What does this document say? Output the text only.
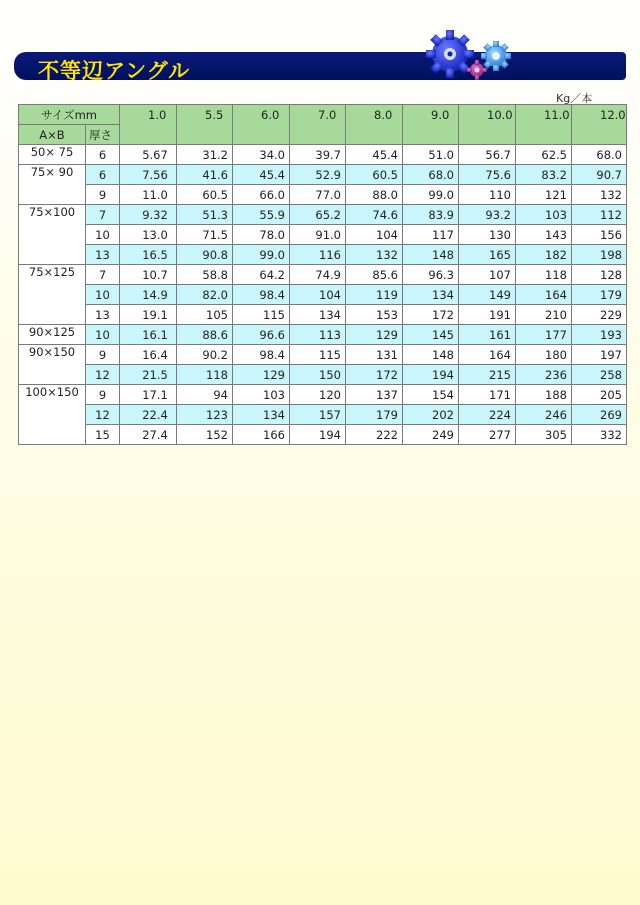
不等辺アングル
Kg／本
サイズmm		1.0	5.5	6.0	7.0	8.0	9.0	10.0	11.0	12.0
A×B	厚さ									
50× 75	6	5.67	31.2	34.0	39.7	45.4	51.0	56.7	62.5	68.0
75× 90	6	7.56	41.6	45.4	52.9	60.5	68.0	75.6	83.2	90.7
	9	11.0	60.5	66.0	77.0	88.0	99.0	110	121	132
75×100	7	9.32	51.3	55.9	65.2	74.6	83.9	93.2	103	112
	10	13.0	71.5	78.0	91.0	104	117	130	143	156
	13	16.5	90.8	99.0	116	132	148	165	182	198
75×125	7	10.7	58.8	64.2	74.9	85.6	96.3	107	118	128
	10	14.9	82.0	98.4	104	119	134	149	164	179
	13	19.1	105	115	134	153	172	191	210	229
90×125	10	16.1	88.6	96.6	113	129	145	161	177	193
90×150	9	16.4	90.2	98.4	115	131	148	164	180	197
	12	21.5	118	129	150	172	194	215	236	258
100×150	9	17.1	94	103	120	137	154	171	188	205
	12	22.4	123	134	157	179	202	224	246	269
	15	27.4	152	166	194	222	249	277	305	332
